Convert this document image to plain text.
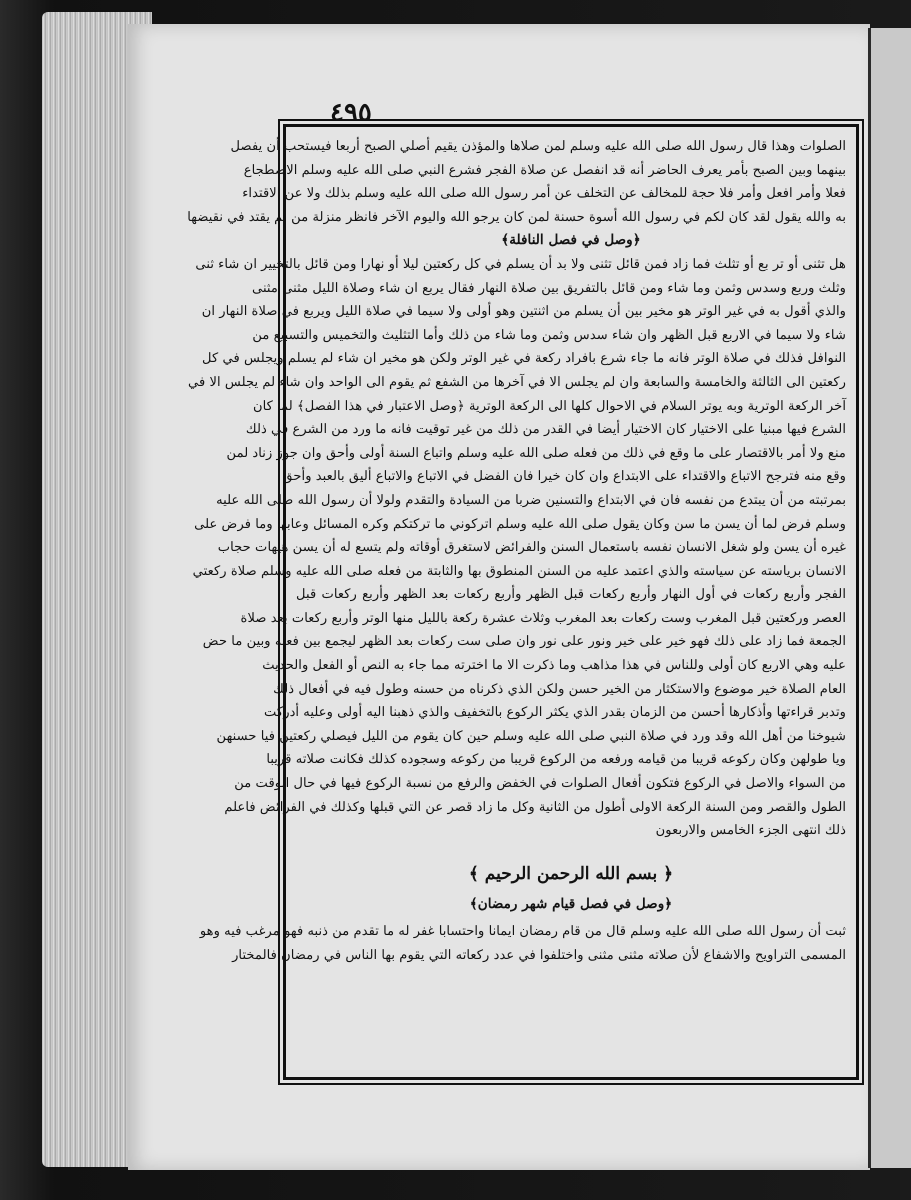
٤٩٥
الصلوات وهذا قال رسول الله صلى الله عليه وسلم لمن صلاها والمؤذن يقيم أصلي الصبح أربعا فيستحب أن يفصل
بينهما وبين الصبح بأمر يعرف الحاضر أنه قد انفصل عن صلاة الفجر فشرع النبي صلى الله عليه وسلم الاضطجاع
فعلا وأمر افعل وأمر فلا حجة للمخالف عن التخلف عن أمر رسول الله صلى الله عليه وسلم بذلك ولا عن الاقتداء
به والله يقول لقد كان لكم في رسول الله أسوة حسنة لمن كان يرجو الله واليوم الآخر فانظر منزلة من لم يقتد في نقيضها
﴿وصل في فصل النافلة﴾
هل تثنى أو تر بع أو تثلث فما زاد فمن قائل تثنى ولا بد أن يسلم في كل ركعتين ليلا أو نهارا ومن قائل بالتخيير ان شاء ثنى
وثلث وربع وسدس وثمن وما شاء ومن قائل بالتفريق بين صلاة النهار فقال يربع ان شاء وصلاة الليل مثنى مثنى
والذي أقول به في غير الوتر هو مخير بين أن يسلم من اثنتين وهو أولى ولا سيما في صلاة الليل ويربع في صلاة النهار ان
شاء ولا سيما في الاربع قبل الظهر وان شاء سدس وثمن وما شاء من ذلك وأما التثليث والتخميس والتسبيع من
النوافل فذلك في صلاة الوتر فانه ما جاء شرع بافراد ركعة في غير الوتر ولكن هو مخير ان شاء لم يسلم ويجلس في كل
ركعتين الى الثالثة والخامسة والسابعة وان لم يجلس الا في آخرها من الشفع ثم يقوم الى الواحد وان شاء لم يجلس الا في
آخر الركعة الوترية وبه يوتر السلام في الاحوال كلها الى الركعة الوترية ﴿وصل الاعتبار في هذا الفصل﴾ لما كان
الشرع فيها مبنيا على الاختيار كان الاختيار أيضا في القدر من ذلك من غير توقيت فانه ما ورد من الشرع في ذلك
منع ولا أمر بالاقتصار على ما وقع في ذلك من فعله صلى الله عليه وسلم واتباع السنة أولى وأحق وان جوز زناد لمن
وقع منه فترجح الاتباع والاقتداء على الابتداع وان كان خيرا فان الفضل في الاتباع والاتباع أليق بالعبد وأحق
بمرتبته من أن يبتدع من نفسه فان في الابتداع والتسنين ضربا من السيادة والتقدم ولولا أن رسول الله صلى الله عليه
وسلم فرض لما أن يسن ما سن وكان يقول صلى الله عليه وسلم اتركوني ما تركتكم وكره المسائل وعابها وما فرض على
غيره أن يسن ولو شغل الانسان نفسه باستعمال السنن والفرائض لاستغرق أوقاته ولم يتسع له أن يسن هيهات حجاب
الانسان برياسته عن سياسته والذي اعتمد عليه من السنن المنطوق بها والثابتة من فعله صلى الله عليه وسلم صلاة ركعتي
الفجر وأربع ركعات في أول النهار وأربع ركعات قبل الظهر وأربع ركعات بعد الظهر وأربع ركعات قبل
العصر وركعتين قبل المغرب وست ركعات بعد المغرب وثلاث عشرة ركعة بالليل منها الوتر وأربع ركعات بعد صلاة
الجمعة فما زاد على ذلك فهو خير على خير ونور على نور وان صلى ست ركعات بعد الظهر ليجمع بين فعله وبين ما حض
عليه وهي الاربع كان أولى وللناس في هذا مذاهب وما ذكرت الا ما اخترته مما جاء به النص أو الفعل والحديث
العام الصلاة خير موضوع والاستكثار من الخير حسن ولكن الذي ذكرناه من حسنه وطول فيه في أفعال ذلك
وتدبر قراءتها وأذكارها أحسن من الزمان بقدر الذي يكثر الركوع بالتخفيف والذي ذهبنا اليه أولى وعليه أدركت
شيوخنا من أهل الله وقد ورد في صلاة النبي صلى الله عليه وسلم حين كان يقوم من الليل فيصلي ركعتين فيا حسنهن
ويا طولهن وكان ركوعه قريبا من قيامه ورفعه من الركوع قريبا من ركوعه وسجوده كذلك فكانت صلاته قريبا
من السواء والاصل في الركوع فتكون أفعال الصلوات في الخفض والرفع من نسبة الركوع فيها في حال الوقت من
الطول والقصر ومن السنة الركعة الاولى أطول من الثانية وكل ما زاد قصر عن التي قبلها وكذلك في الفرائض فاعلم
ذلك انتهى الجزء الخامس والاربعون
﴿ بسم الله الرحمن الرحيم ﴾
﴿وصل في فصل قيام شهر رمضان﴾
ثبت أن رسول الله صلى الله عليه وسلم قال من قام رمضان ايمانا واحتسابا غفر له ما تقدم من ذنبه فهو مرغب فيه وهو
المسمى التراويح والاشفاع لأن صلاته مثنى مثنى واختلفوا في عدد ركعاته التي يقوم بها الناس في رمضان فالمختار
